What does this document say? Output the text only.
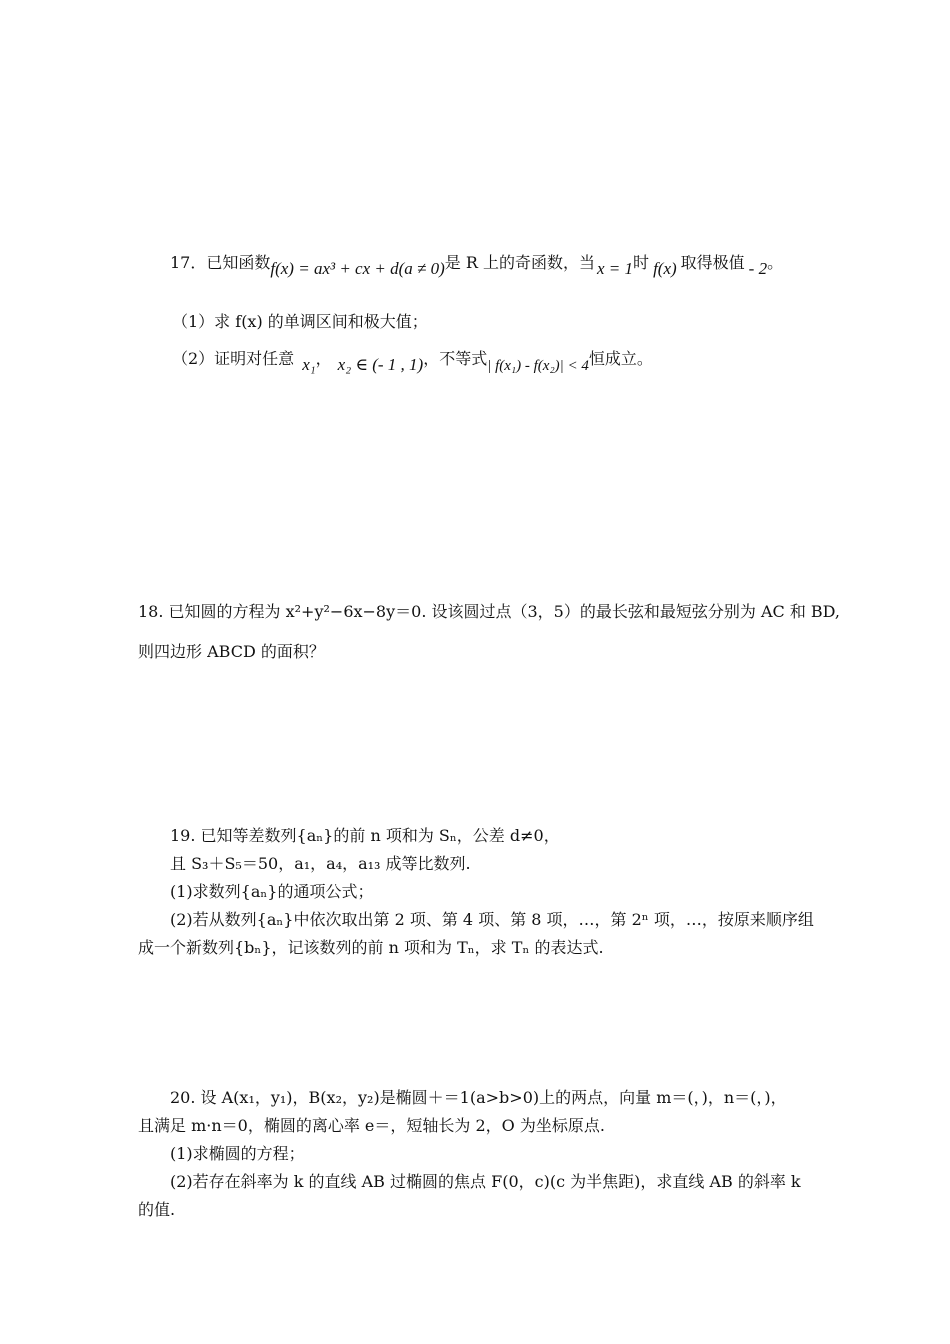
17．已知函数f(x) = ax³ + cx + d(a ≠ 0)是 R 上的奇函数，当 x = 1时 f(x) 取得极值 - 2。
（1）求 f(x) 的单调区间和极大值；
（2）证明对任意 x₁， x₂ ∈ (- 1 , 1)，不等式| f(x₁) - f(x₂)| < 4恒成立。
18. 已知圆的方程为 x²+y²−6x−8y＝0. 设该圆过点（3，5）的最长弦和最短弦分别为 AC 和 BD,
则四边形 ABCD 的面积？
19. 已知等差数列{aₙ}的前 n 项和为 Sₙ，公差 d≠0，
且 S₃＋S₅＝50，a₁，a₄，a₁₃ 成等比数列.
(1)求数列{aₙ}的通项公式；
(2)若从数列{aₙ}中依次取出第 2 项、第 4 项、第 8 项，…，第 2ⁿ 项，…，按原来顺序组
成一个新数列{bₙ}，记该数列的前 n 项和为 Tₙ，求 Tₙ 的表达式.
20. 设 A(x₁，y₁)，B(x₂，y₂)是椭圆＋＝1(a>b>0)上的两点，向量 m＝(，)，n＝(，)，
且满足 m·n＝0，椭圆的离心率 e＝，短轴长为 2，O 为坐标原点.
(1)求椭圆的方程；
(2)若存在斜率为 k 的直线 AB 过椭圆的焦点 F(0，c)(c 为半焦距)，求直线 AB 的斜率 k
的值.
